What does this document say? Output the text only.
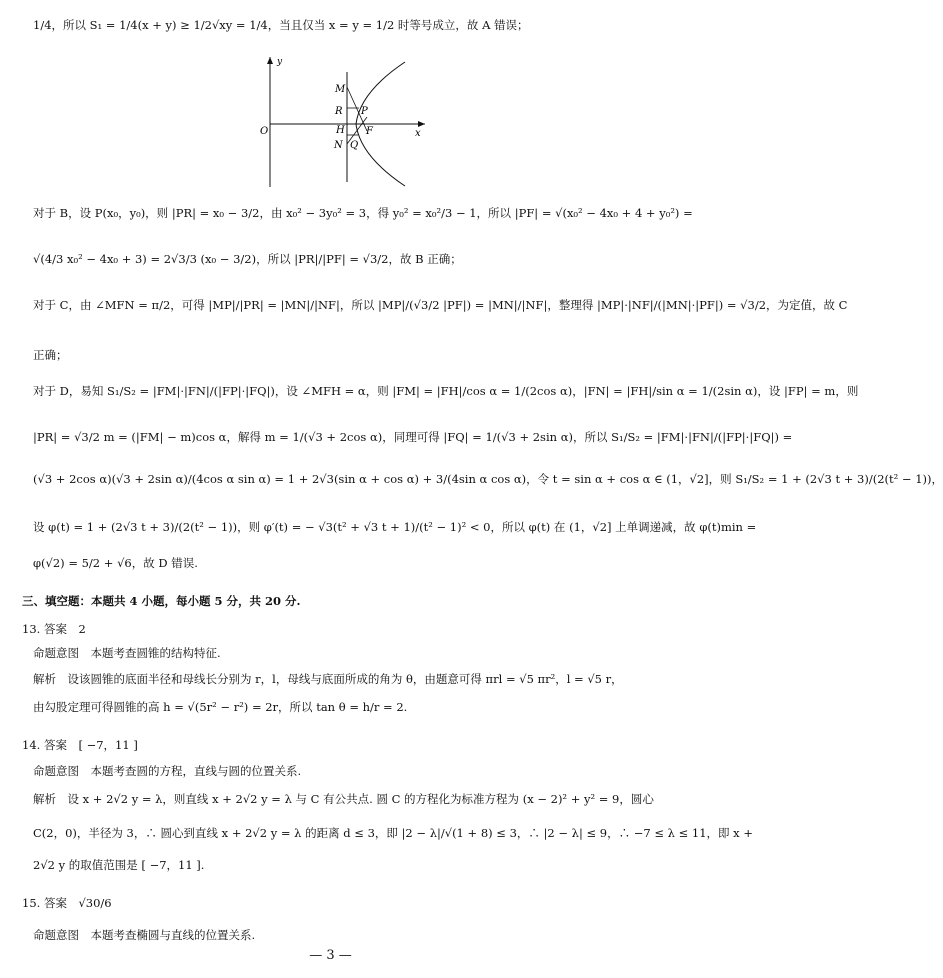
1/4，所以 S₁ = 1/4(x + y) ≥ 1/2√xy = 1/4，当且仅当 x = y = 1/2 时等号成立，故 A 错误；
y
x
O
M
R P
H F
N Q
对于 B，设 P(x₀，y₀)，则 |PR| = x₀ − 3/2，由 x₀² − 3y₀² = 3，得 y₀² = x₀²/3 − 1，所以 |PF| = √(x₀² − 4x₀ + 4 + y₀²) =
√(4/3 x₀² − 4x₀ + 3) = 2√3/3 (x₀ − 3/2)，所以 |PR|/|PF| = √3/2，故 B 正确；
对于 C，由 ∠MFN = π/2，可得 |MP|/|PR| = |MN|/|NF|，所以 |MP|/(√3/2 |PF|) = |MN|/|NF|，整理得 |MP|·|NF|/(|MN|·|PF|) = √3/2，为定值，故 C
正确；
对于 D，易知 S₁/S₂ = |FM|·|FN|/(|FP|·|FQ|)，设 ∠MFH = α，则 |FM| = |FH|/cos α = 1/(2cos α)，|FN| = |FH|/sin α = 1/(2sin α)，设 |FP| = m，则
|PR| = √3/2 m = (|FM| − m)cos α，解得 m = 1/(√3 + 2cos α)，同理可得 |FQ| = 1/(√3 + 2sin α)，所以 S₁/S₂ = |FM|·|FN|/(|FP|·|FQ|) =
(√3 + 2cos α)(√3 + 2sin α)/(4cos α sin α) = 1 + 2√3(sin α + cos α) + 3/(4sin α cos α)，令 t = sin α + cos α ∈ (1，√2]，则 S₁/S₂ = 1 + (2√3 t + 3)/(2(t² − 1))，
设 φ(t) = 1 + (2√3 t + 3)/(2(t² − 1))，则 φ′(t) = − √3(t² + √3 t + 1)/(t² − 1)² < 0，所以 φ(t) 在 (1，√2] 上单调递减，故 φ(t)min =
φ(√2) = 5/2 + √6，故 D 错误.
三、填空题：本题共 4 小题，每小题 5 分，共 20 分.
13. 答案　2
命题意图　本题考查圆锥的结构特征.
解析　设该圆锥的底面半径和母线长分别为 r，l，母线与底面所成的角为 θ，由题意可得 πrl = √5 πr²，l = √5 r，
由勾股定理可得圆锥的高 h = √(5r² − r²) = 2r，所以 tan θ = h/r = 2.
14. 答案　[ −7，11 ]
命题意图　本题考查圆的方程，直线与圆的位置关系.
解析　设 x + 2√2 y = λ，则直线 x + 2√2 y = λ 与 C 有公共点. 圆 C 的方程化为标准方程为 (x − 2)² + y² = 9，圆心
C(2，0)，半径为 3，∴ 圆心到直线 x + 2√2 y = λ 的距离 d ≤ 3，即 |2 − λ|/√(1 + 8) ≤ 3，∴ |2 − λ| ≤ 9，∴ −7 ≤ λ ≤ 11，即 x +
2√2 y 的取值范围是 [ −7，11 ].
15. 答案　√30/6
命题意图　本题考查椭圆与直线的位置关系.
— 3 —
